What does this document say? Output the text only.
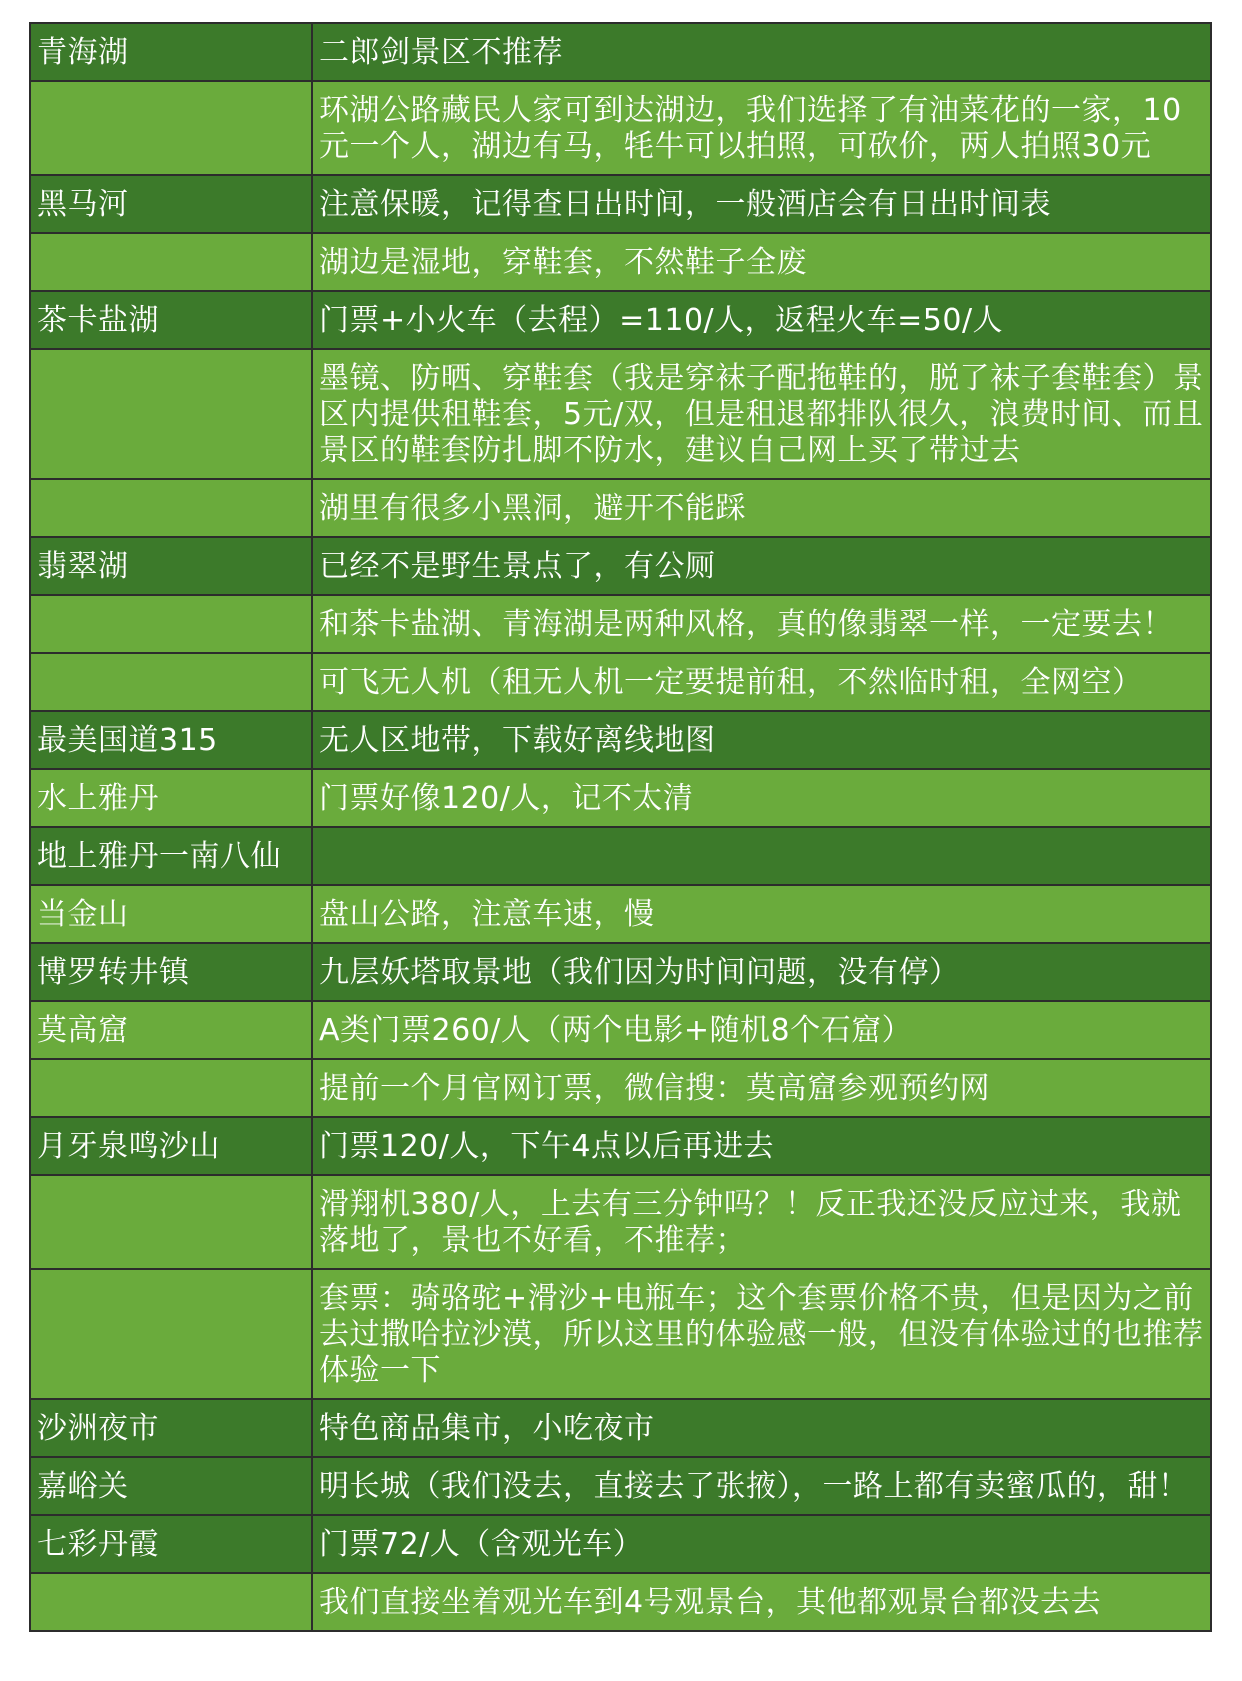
青海湖	二郎剑景区不推荐
环湖公路藏民人家可到达湖边，我们选择了有油菜花的一家，10元一个人，湖边有马，牦牛可以拍照，可砍价，两人拍照30元
黑马河	注意保暖，记得查日出时间，一般酒店会有日出时间表
湖边是湿地，穿鞋套，不然鞋子全废
茶卡盐湖	门票+小火车（去程）=110/人，返程火车=50/人
墨镜、防晒、穿鞋套（我是穿袜子配拖鞋的，脱了袜子套鞋套）景区内提供租鞋套，5元/双，但是租退都排队很久，浪费时间、而且景区的鞋套防扎脚不防水，建议自己网上买了带过去
湖里有很多小黑洞，避开不能踩
翡翠湖	已经不是野生景点了，有公厕
和茶卡盐湖、青海湖是两种风格，真的像翡翠一样，一定要去！
可飞无人机（租无人机一定要提前租，不然临时租，全网空）
最美国道315	无人区地带，下载好离线地图
水上雅丹	门票好像120/人，记不太清
地上雅丹一南八仙
当金山	盘山公路，注意车速，慢
博罗转井镇	九层妖塔取景地（我们因为时间问题，没有停）
莫高窟	A类门票260/人（两个电影+随机8个石窟）
提前一个月官网订票，微信搜：莫高窟参观预约网
月牙泉鸣沙山	门票120/人，下午4点以后再进去
滑翔机380/人，上去有三分钟吗？！反正我还没反应过来，我就落地了，景也不好看，不推荐；
套票：骑骆驼+滑沙+电瓶车；这个套票价格不贵，但是因为之前去过撒哈拉沙漠，所以这里的体验感一般，但没有体验过的也推荐体验一下
沙洲夜市	特色商品集市，小吃夜市
嘉峪关	明长城（我们没去，直接去了张掖），一路上都有卖蜜瓜的，甜！
七彩丹霞	门票72/人（含观光车）
我们直接坐着观光车到4号观景台，其他都观景台都没去去
